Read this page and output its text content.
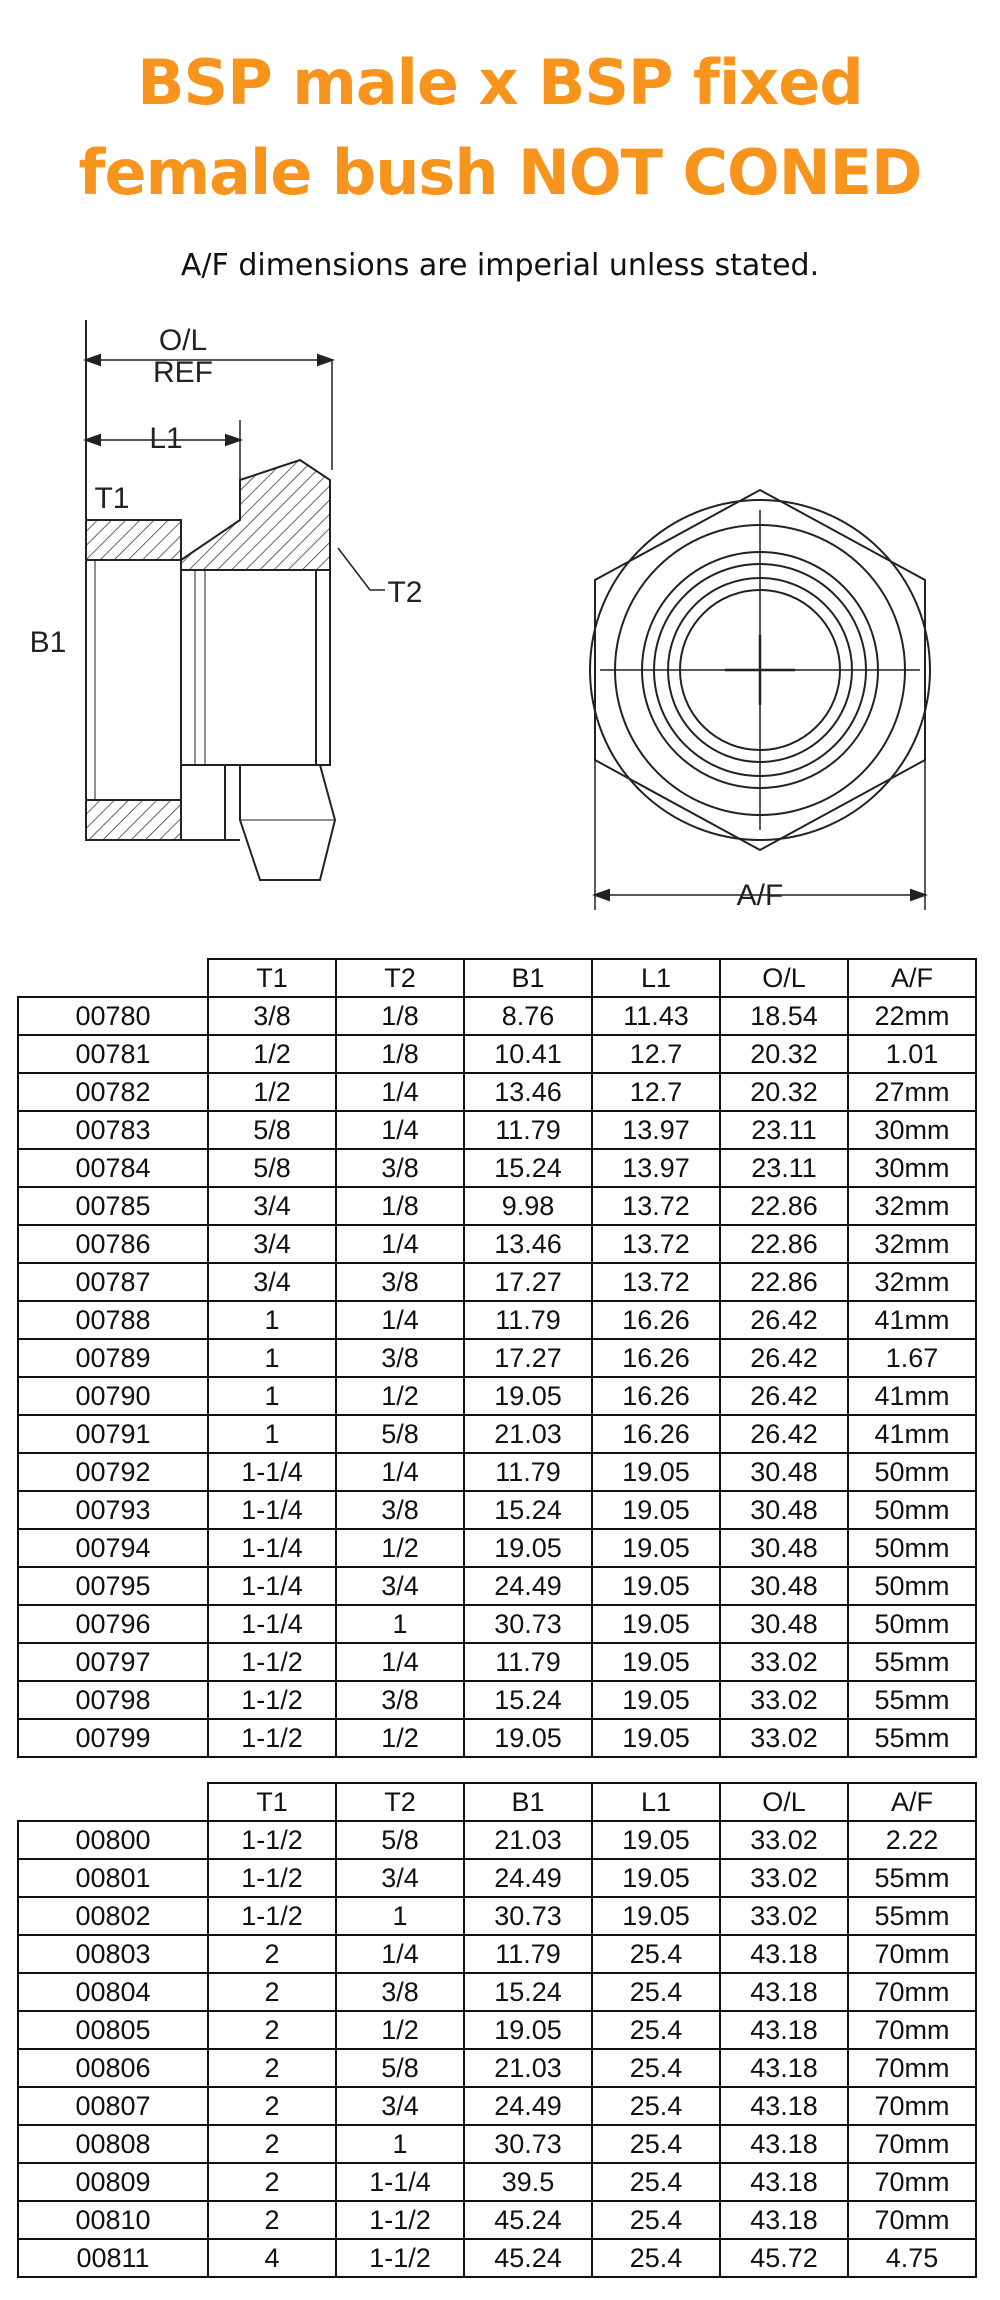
BSP male x BSP fixed
female bush NOT CONED
A/F dimensions are imperial unless stated.
O/L
REF
L1
T1
T2
B1
A/F
	T1	T2	B1	L1	O/L	A/F
00780	3/8	1/8	8.76	11.43	18.54	22mm
00781	1/2	1/8	10.41	12.7	20.32	1.01
00782	1/2	1/4	13.46	12.7	20.32	27mm
00783	5/8	1/4	11.79	13.97	23.11	30mm
00784	5/8	3/8	15.24	13.97	23.11	30mm
00785	3/4	1/8	9.98	13.72	22.86	32mm
00786	3/4	1/4	13.46	13.72	22.86	32mm
00787	3/4	3/8	17.27	13.72	22.86	32mm
00788	1	1/4	11.79	16.26	26.42	41mm
00789	1	3/8	17.27	16.26	26.42	1.67
00790	1	1/2	19.05	16.26	26.42	41mm
00791	1	5/8	21.03	16.26	26.42	41mm
00792	1-1/4	1/4	11.79	19.05	30.48	50mm
00793	1-1/4	3/8	15.24	19.05	30.48	50mm
00794	1-1/4	1/2	19.05	19.05	30.48	50mm
00795	1-1/4	3/4	24.49	19.05	30.48	50mm
00796	1-1/4	1	30.73	19.05	30.48	50mm
00797	1-1/2	1/4	11.79	19.05	33.02	55mm
00798	1-1/2	3/8	15.24	19.05	33.02	55mm
00799	1-1/2	1/2	19.05	19.05	33.02	55mm
	T1	T2	B1	L1	O/L	A/F
00800	1-1/2	5/8	21.03	19.05	33.02	2.22
00801	1-1/2	3/4	24.49	19.05	33.02	55mm
00802	1-1/2	1	30.73	19.05	33.02	55mm
00803	2	1/4	11.79	25.4	43.18	70mm
00804	2	3/8	15.24	25.4	43.18	70mm
00805	2	1/2	19.05	25.4	43.18	70mm
00806	2	5/8	21.03	25.4	43.18	70mm
00807	2	3/4	24.49	25.4	43.18	70mm
00808	2	1	30.73	25.4	43.18	70mm
00809	2	1-1/4	39.5	25.4	43.18	70mm
00810	2	1-1/2	45.24	25.4	43.18	70mm
00811	4	1-1/2	45.24	25.4	45.72	4.75
